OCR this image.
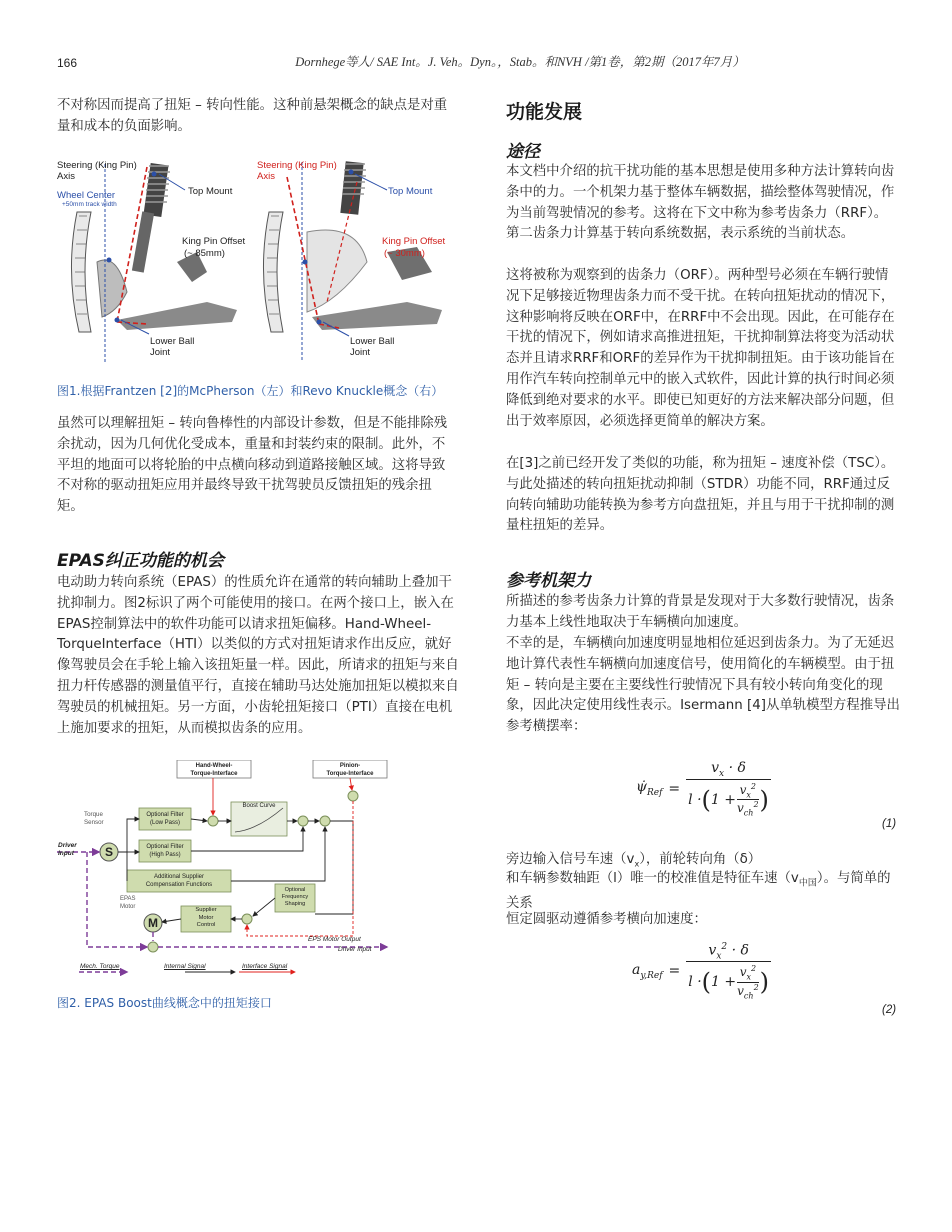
166	Dornhege等人/ SAE Int。J. Veh。Dyn。，Stab。和NVH /第1卷，第2期（2017年7月）

不对称因而提高了扭矩 – 转向性能。这种前悬架概念的缺点是对重量和成本的负面影响。

Steering (King Pin)
Axis
Wheel Center
+50mm track width
Top Mount
King Pin Offset
(~ 85mm)
Lower Ball
Joint
Steering (King Pin)
Axis
Top Mount
King Pin Offset
(~ 30mm)
Lower Ball
Joint
图1.根据Frantzen [2]的McPherson（左）和Revo Knuckle概念（右）

虽然可以理解扭矩 – 转向鲁棒性的内部设计参数，但是不能排除残余扰动，因为几何优化受成本，重量和封装约束的限制。此外，不平坦的地面可以将轮胎的中点横向移动到道路接触区域。这将导致不对称的驱动扭矩应用并最终导致干扰驾驶员反馈扭矩的残余扭矩。

EPAS纠正功能的机会

电动助力转向系统（EPAS）的性质允许在通常的转向辅助上叠加干扰抑制力。图2标识了两个可能使用的接口。在两个接口上，嵌入在EPAS控制算法中的软件功能可以请求扭矩偏移。Hand-Wheel-TorqueInterface（HTI）以类似的方式对扭矩请求作出反应，就好像驾驶员会在手轮上输入该扭矩量一样。因此，所请求的扭矩与来自扭力杆传感器的测量值平行，直接在辅助马达处施加扭矩以模拟来自驾驶员的机械扭矩。另一方面，小齿轮扭矩接口（PTI）直接在电机上施加要求的扭矩，从而模拟齿条的应用。

Hand-Wheel-
Torque-Interface
Pinion-
Torque-Interface
Torque
Sensor
Driver
Input
Optional Filter
(Low Pass)
Optional Filter
(High Pass)
Boost Curve
Additional Supplier
Compensation Functions
Optional
Frequency
Shaping
Supplier
Motor
Control
EPAS
Motor
S
M
EPS Motor Output
Driver Input
Mech. Torque	Internal Signal	Interface Signal
图2. EPAS Boost曲线概念中的扭矩接口
功能发展
途径

本文档中介绍的抗干扰功能的基本思想是使用多种方法计算转向齿条中的力。一个机架力基于整体车辆数据，描绘整体驾驶情况，作为当前驾驶情况的参考。这将在下文中称为参考齿条力（RRF）。第二齿条力计算基于转向系统数据，表示系统的当前状态。

这将被称为观察到的齿条力（ORF）。两种型号必须在车辆行驶情况下足够接近物理齿条力而不受干扰。在转向扭矩扰动的情况下，这种影响将反映在ORF中，在RRF中不会出现。因此，在可能存在干扰的情况下，例如请求高推进扭矩，干扰抑制算法将变为活动状态并且请求RRF和ORF的差异作为干扰抑制扭矩。由于该功能旨在用作汽车转向控制单元中的嵌入式软件，因此计算的执行时间必须降低到绝对要求的水平。即使已知更好的方法来解决部分问题，但出于效率原因，必须选择更简单的解决方案。

在[3]之前已经开发了类似的功能，称为扭矩 – 速度补偿（TSC）。与此处描述的转向扭矩扰动抑制（STDR）功能不同，RRF通过反向转向辅助功能转换为参考方向盘扭矩，并且与用于干扰抑制的测量柱扭矩的差异。

参考机架力

所描述的参考齿条力计算的背景是发现对于大多数行驶情况，齿条力基本上线性地取决于车辆横向加速度。

不幸的是，车辆横向加速度明显地相位延迟到齿条力。为了无延迟地计算代表性车辆横向加速度信号，使用简化的车辆模型。由于扭矩 – 转向是主要在主要线性行驶情况下具有较小转向角变化的现象，因此决定使用线性表示。Isermann [4]从单轨模型方程推导出参考横摆率：

$\psi̇_{Ref}$ =
$v_x \cdot \delta$
l · ( 1 +
$v_x^2$
$v_{ch}^2$ )
(1)

旁边输入信号车速$(v_x)$，前轮转向角（δ）

和车辆参数轴距（l）唯一的校准值是特征车速$(v_{中国})$。与简单的关系

恒定圆驱动遵循参考横向加速度：

$a_{y,Ref}$ =
$v_x^2 \cdot \delta$
l · ( 1 +
$v_x^2$
$v_{ch}^2$ )
(2)
